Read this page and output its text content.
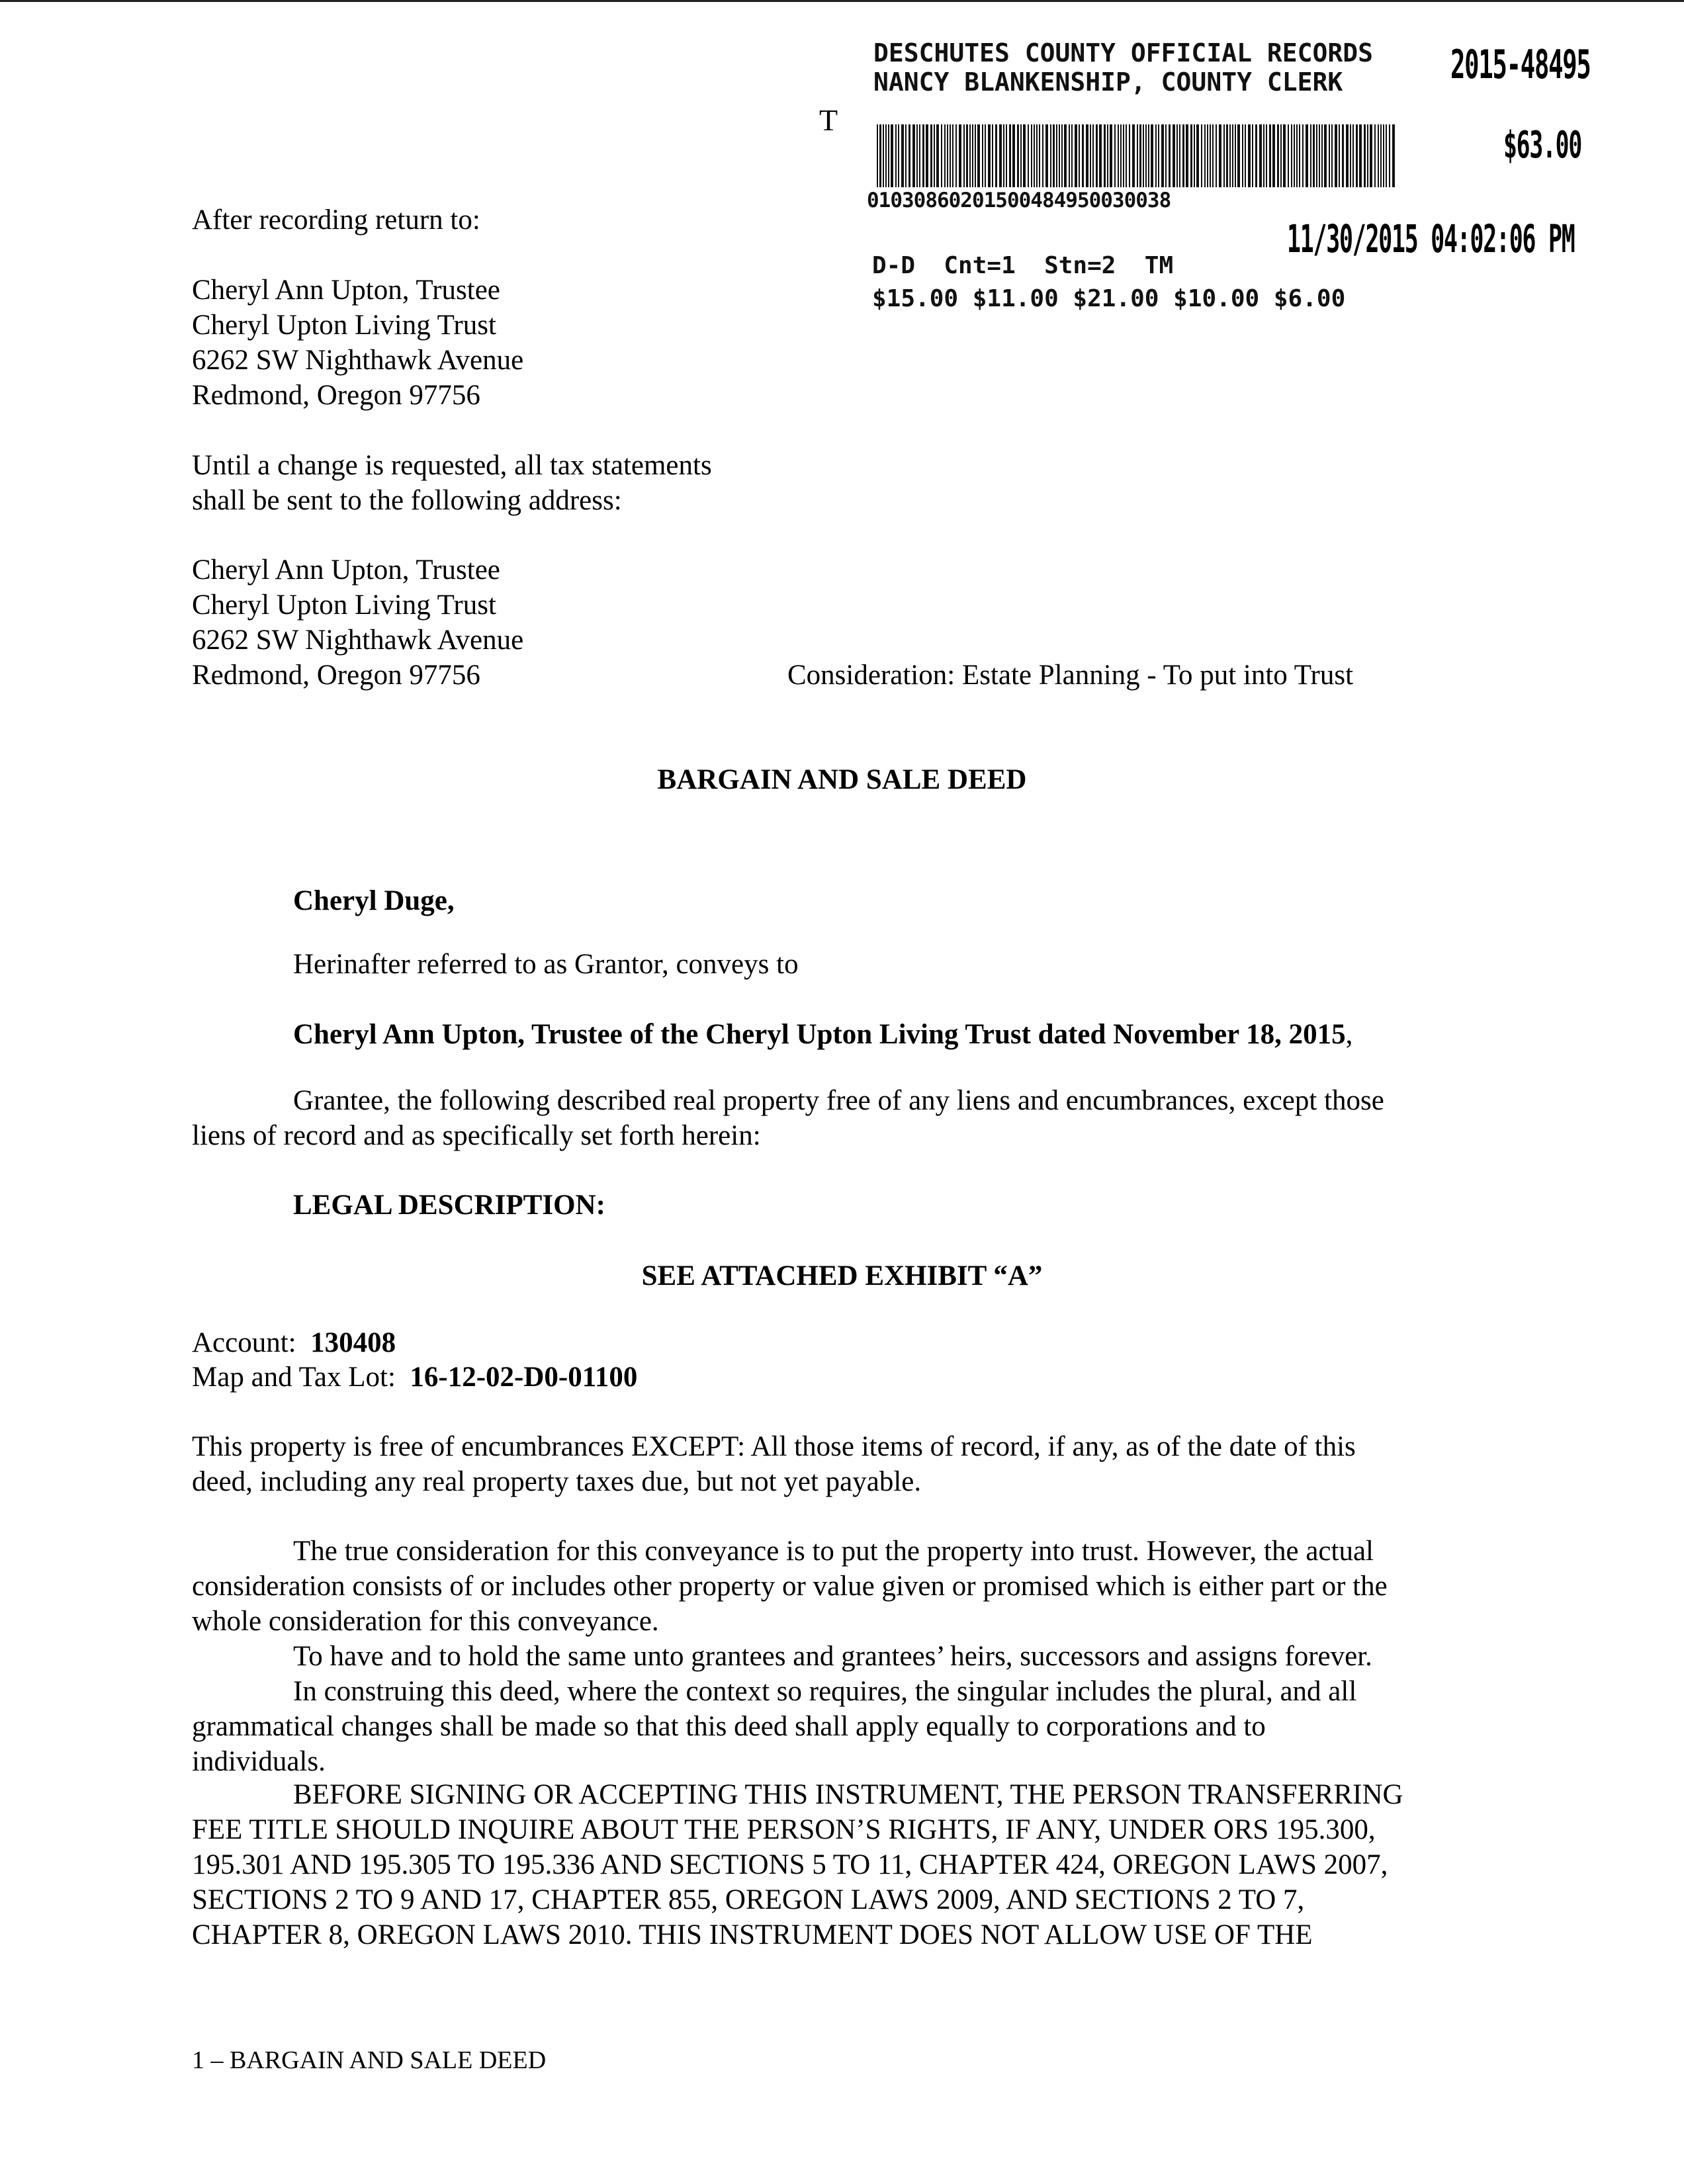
DESCHUTES COUNTY OFFICIAL RECORDS
NANCY BLANKENSHIP, COUNTY CLERK	2015-48495
T
$63.00
01030860201500484950030038
11/30/2015 04:02:06 PM
D-D  Cnt=1  Stn=2  TM
$15.00 $11.00 $21.00 $10.00 $6.00
After recording return to:
Cheryl Ann Upton, Trustee
Cheryl Upton Living Trust
6262 SW Nighthawk Avenue
Redmond, Oregon 97756
Until a change is requested, all tax statements
shall be sent to the following address:
Cheryl Ann Upton, Trustee
Cheryl Upton Living Trust
6262 SW Nighthawk Avenue
Redmond, Oregon 97756	Consideration: Estate Planning - To put into Trust
BARGAIN AND SALE DEED
Cheryl Duge,
Herinafter referred to as Grantor, conveys to
Cheryl Ann Upton, Trustee of the Cheryl Upton Living Trust dated November 18, 2015,
Grantee, the following described real property free of any liens and encumbrances, except those
liens of record and as specifically set forth herein:
LEGAL DESCRIPTION:
SEE ATTACHED EXHIBIT “A”
Account: 130408
Map and Tax Lot: 16-12-02-D0-01100
This property is free of encumbrances EXCEPT: All those items of record, if any, as of the date of this
deed, including any real property taxes due, but not yet payable.
The true consideration for this conveyance is to put the property into trust. However, the actual
consideration consists of or includes other property or value given or promised which is either part or the
whole consideration for this conveyance.
To have and to hold the same unto grantees and grantees’ heirs, successors and assigns forever.
In construing this deed, where the context so requires, the singular includes the plural, and all
grammatical changes shall be made so that this deed shall apply equally to corporations and to
individuals.
BEFORE SIGNING OR ACCEPTING THIS INSTRUMENT, THE PERSON TRANSFERRING
FEE TITLE SHOULD INQUIRE ABOUT THE PERSON’S RIGHTS, IF ANY, UNDER ORS 195.300,
195.301 AND 195.305 TO 195.336 AND SECTIONS 5 TO 11, CHAPTER 424, OREGON LAWS 2007,
SECTIONS 2 TO 9 AND 17, CHAPTER 855, OREGON LAWS 2009, AND SECTIONS 2 TO 7,
CHAPTER 8, OREGON LAWS 2010. THIS INSTRUMENT DOES NOT ALLOW USE OF THE
1 – BARGAIN AND SALE DEED
